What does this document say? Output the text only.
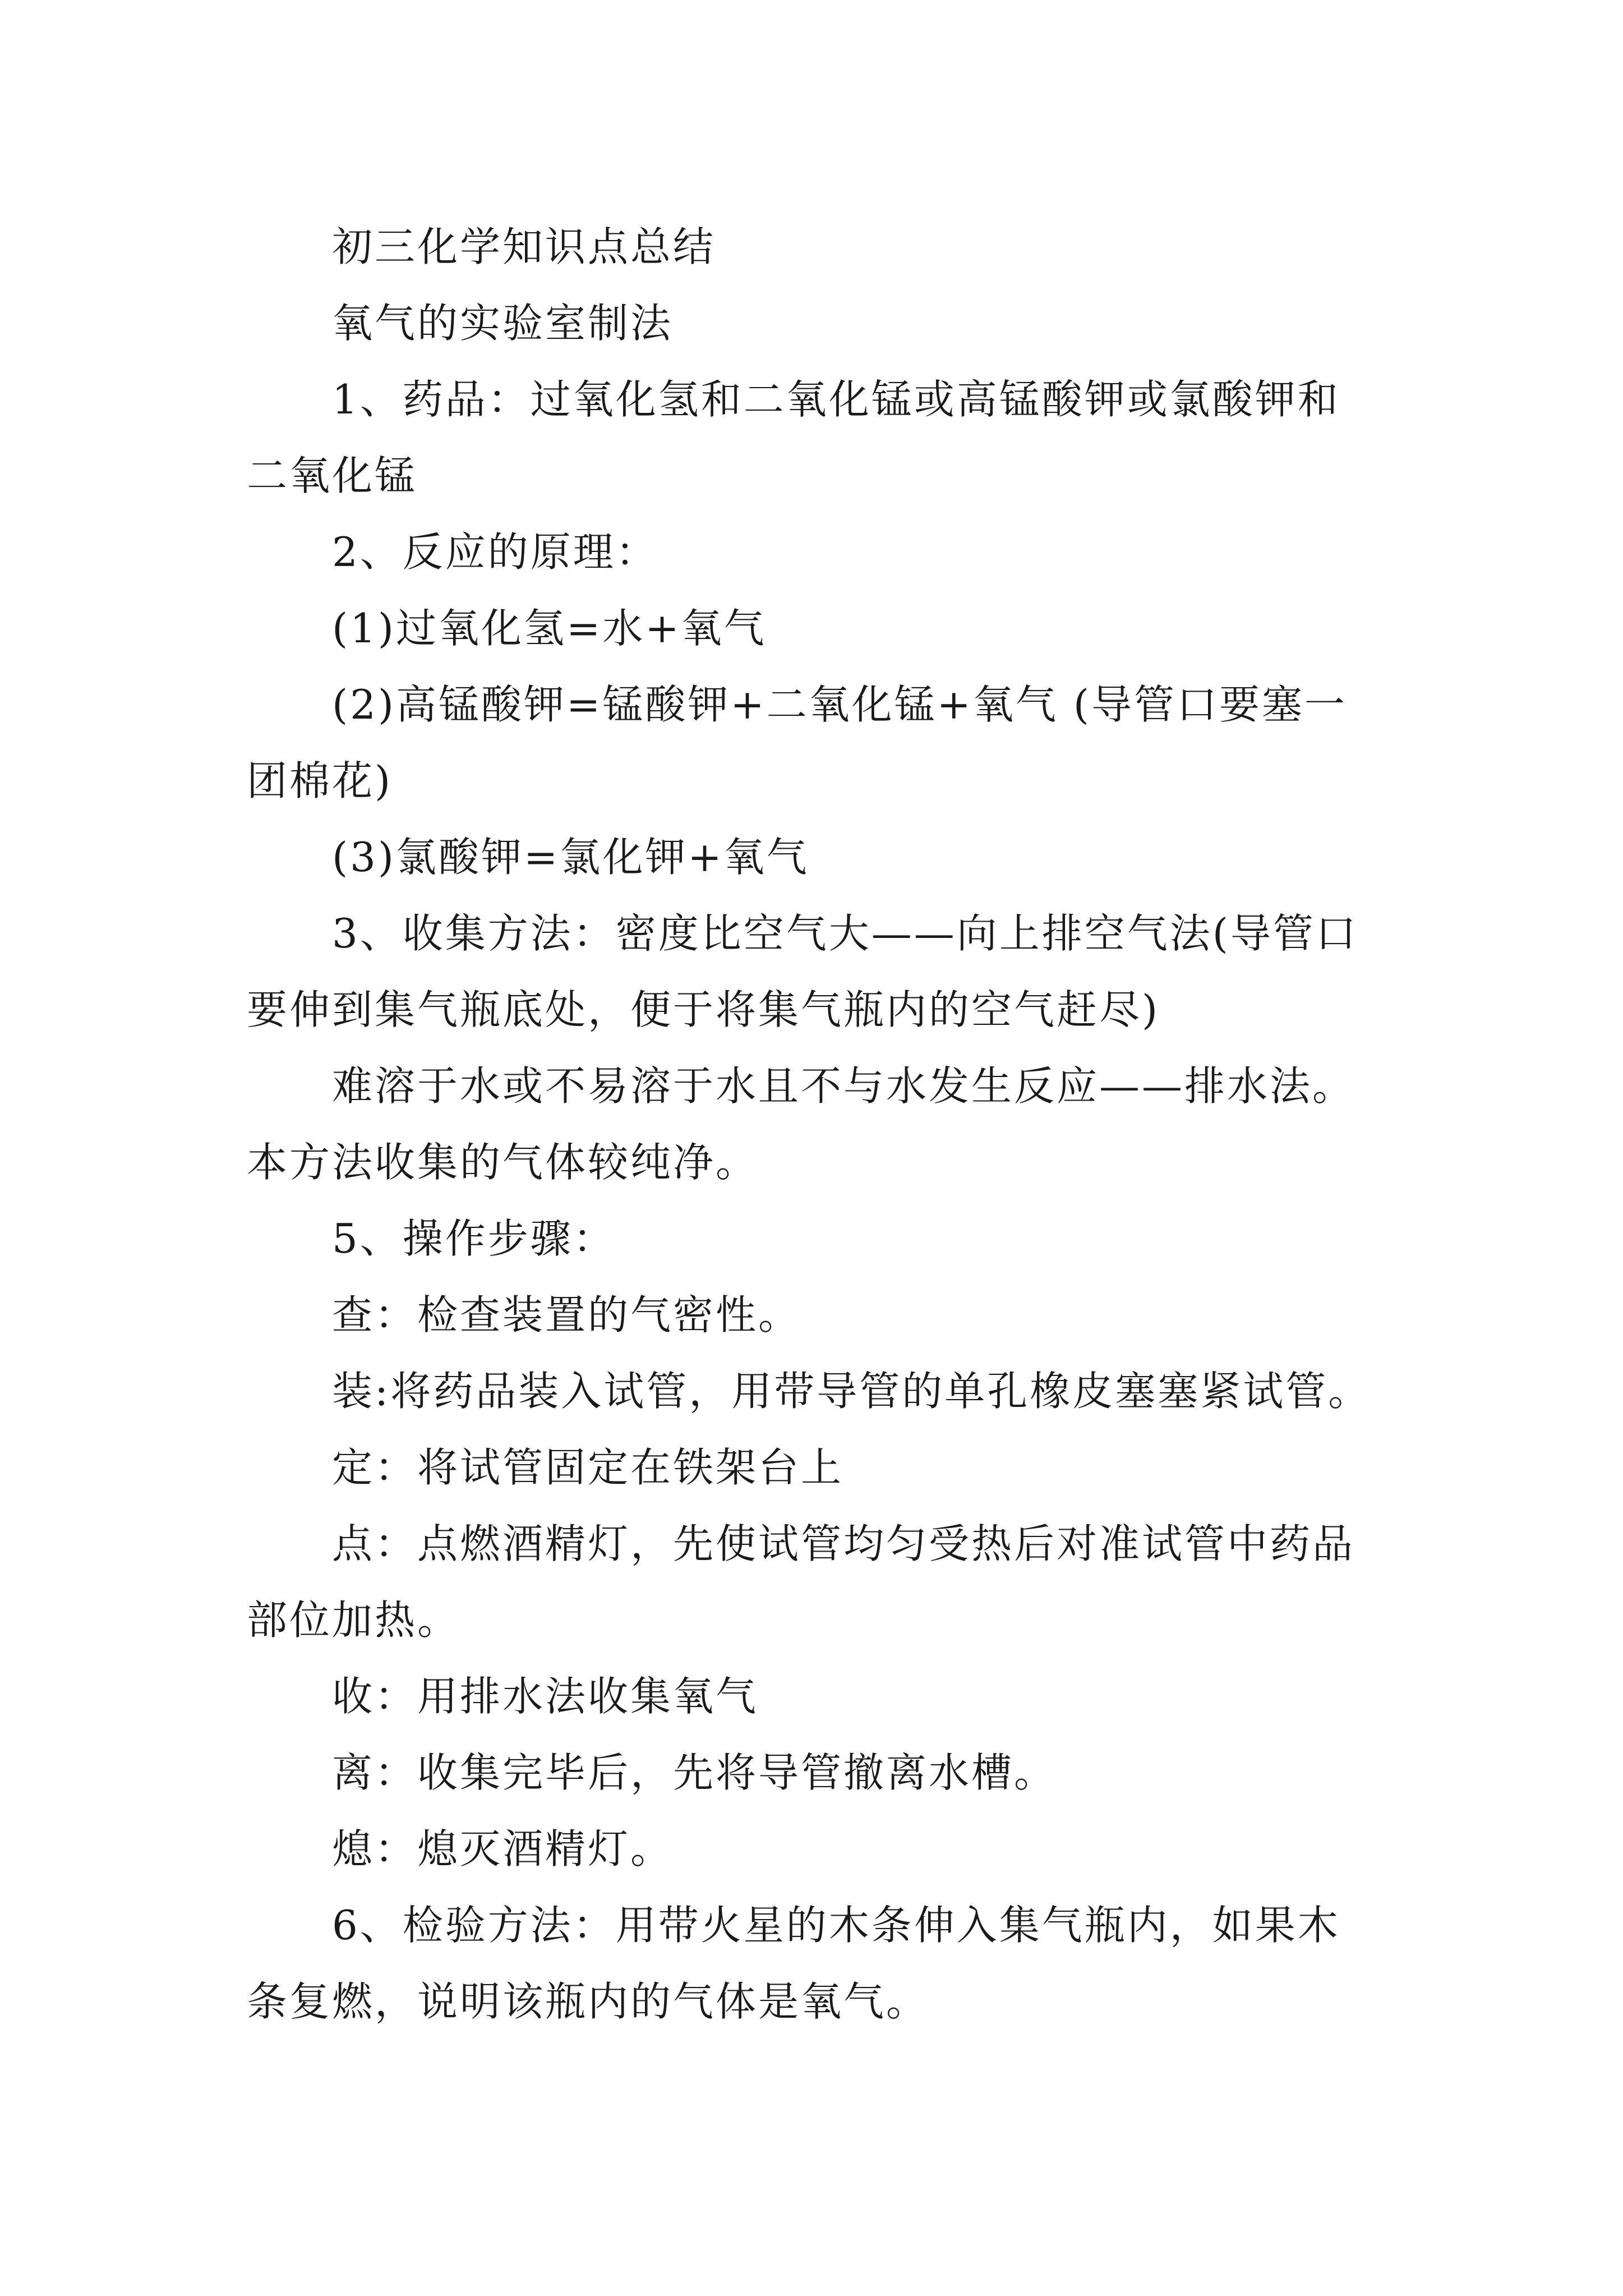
初三化学知识点总结

氧气的实验室制法

1、药品：过氧化氢和二氧化锰或高锰酸钾或氯酸钾和二氧化锰

2、反应的原理：

(1)过氧化氢=水+氧气

(2)高锰酸钾=锰酸钾+二氧化锰+氧气 (导管口要塞一团棉花)

(3)氯酸钾=氯化钾+氧气

3、收集方法：密度比空气大——向上排空气法(导管口要伸到集气瓶底处，便于将集气瓶内的空气赶尽)

难溶于水或不易溶于水且不与水发生反应——排水法。本方法收集的气体较纯净。

5、操作步骤：

查：检查装置的气密性。

装:将药品装入试管，用带导管的单孔橡皮塞塞紧试管。

定：将试管固定在铁架台上

点：点燃酒精灯，先使试管均匀受热后对准试管中药品部位加热。

收：用排水法收集氧气

离：收集完毕后，先将导管撤离水槽。

熄：熄灭酒精灯。

6、检验方法：用带火星的木条伸入集气瓶内，如果木条复燃，说明该瓶内的气体是氧气。
